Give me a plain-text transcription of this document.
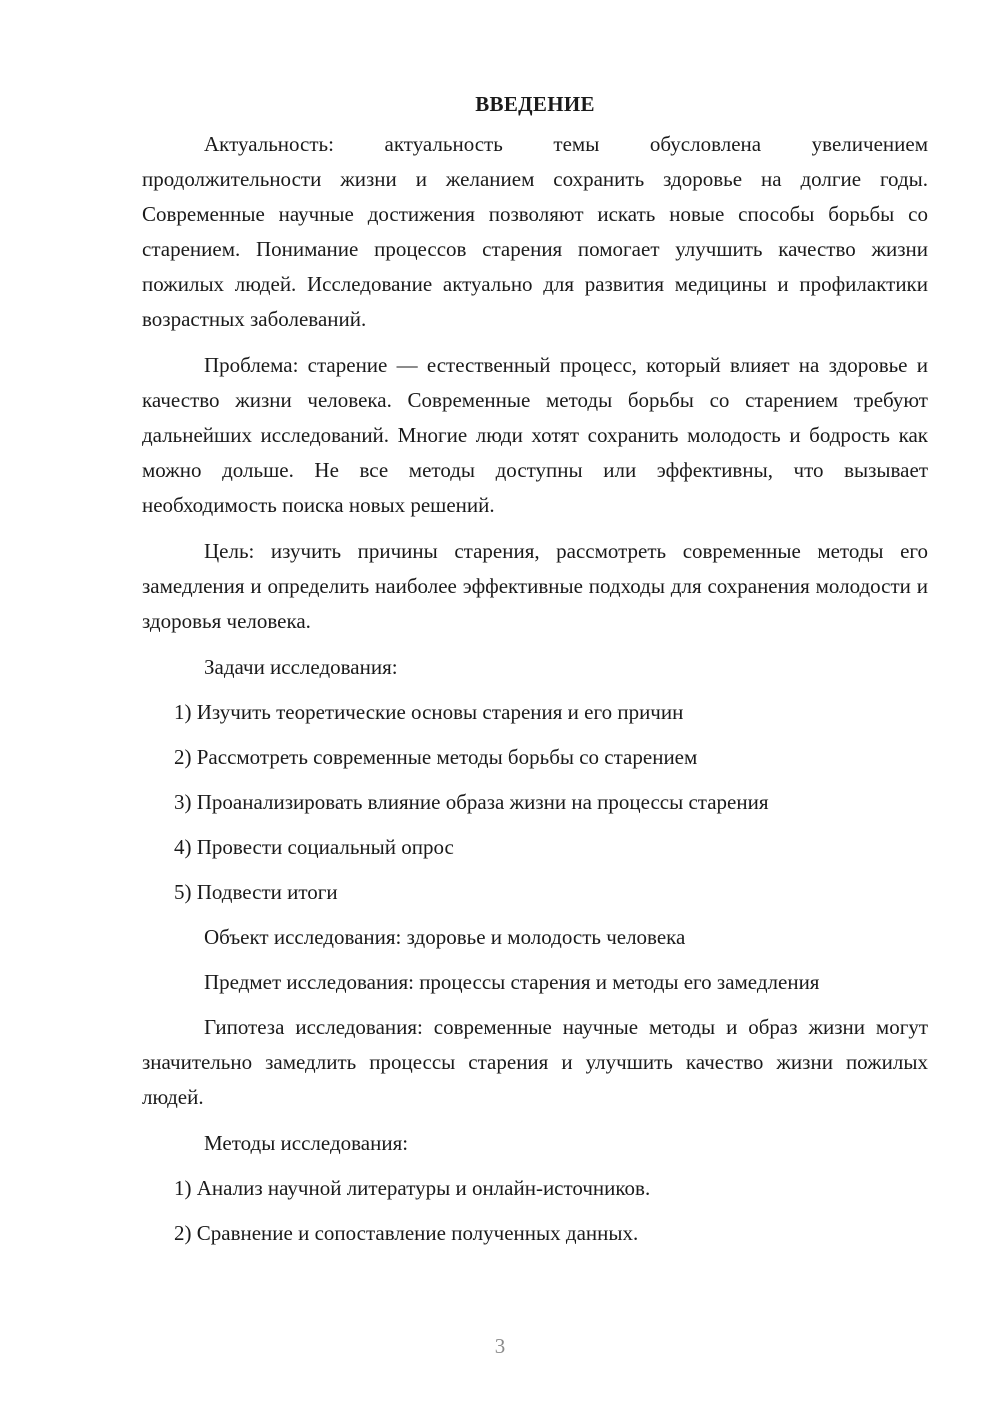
ВВЕДЕНИЕ

Актуальность: актуальность темы обусловлена увеличением продолжительности жизни и желанием сохранить здоровье на долгие годы. Современные научные достижения позволяют искать новые способы борьбы со старением. Понимание процессов старения помогает улучшить качество жизни пожилых людей. Исследование актуально для развития медицины и профилактики возрастных заболеваний.

Проблема: старение — естественный процесс, который влияет на здоровье и качество жизни человека. Современные методы борьбы со старением требуют дальнейших исследований. Многие люди хотят сохранить молодость и бодрость как можно дольше. Не все методы доступны или эффективны, что вызывает необходимость поиска новых решений.

Цель: изучить причины старения, рассмотреть современные методы его замедления и определить наиболее эффективные подходы для сохранения молодости и здоровья человека.

Задачи исследования:

1) Изучить теоретические основы старения и его причин

2) Рассмотреть современные методы борьбы со старением

3) Проанализировать влияние образа жизни на процессы старения

4) Провести социальный опрос

5) Подвести итоги

Объект исследования: здоровье и молодость человека

Предмет исследования: процессы старения и методы его замедления

Гипотеза исследования: современные научные методы и образ жизни могут значительно замедлить процессы старения и улучшить качество жизни пожилых людей.

Методы исследования:

1) Анализ научной литературы и онлайн-источников.

2) Сравнение и сопоставление полученных данных.

3
